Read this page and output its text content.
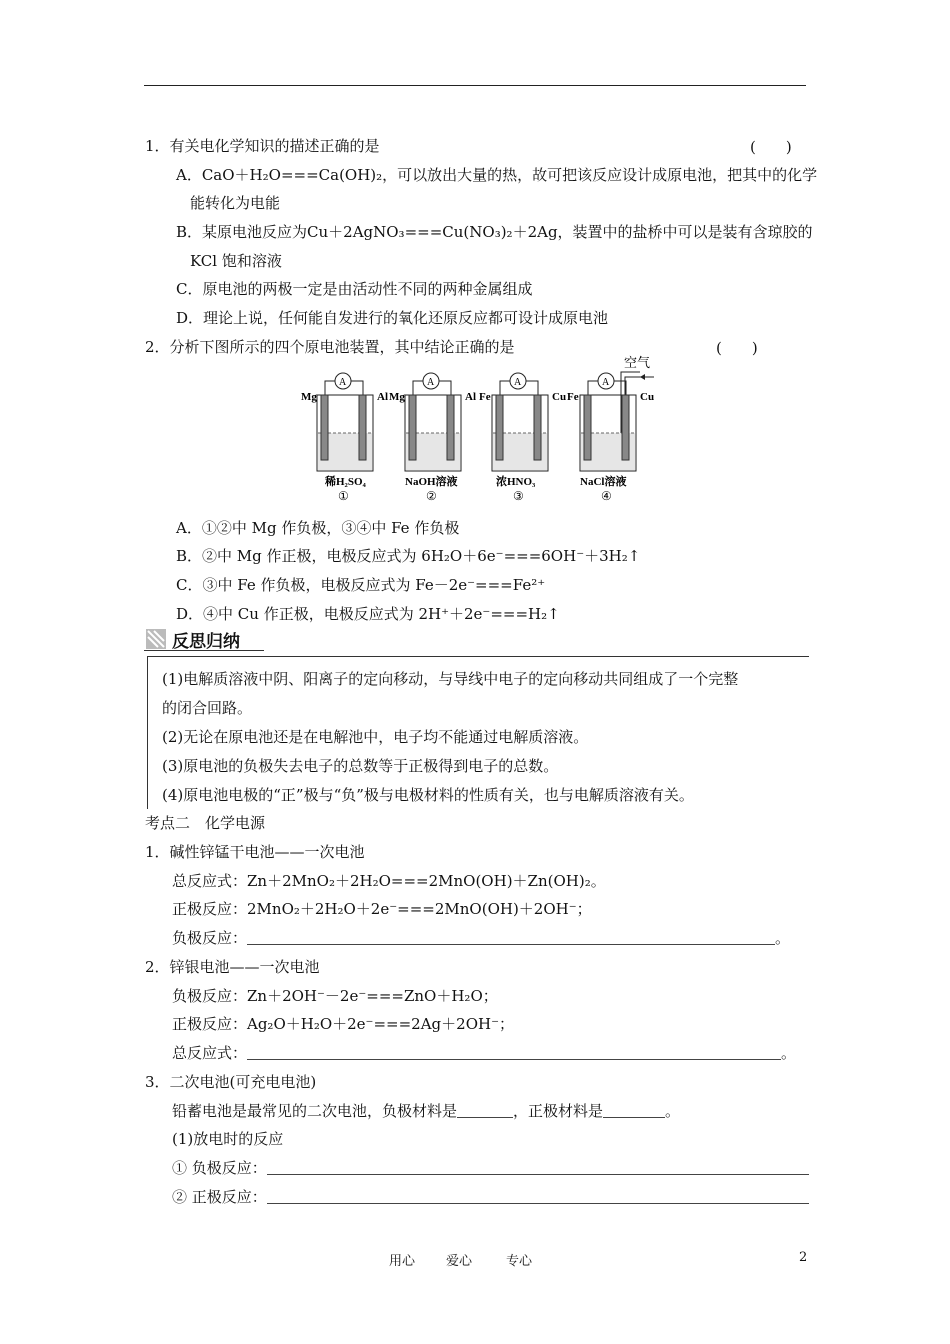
1．有关电化学知识的描述正确的是	(　　)
A．CaO＋H₂O===Ca(OH)₂，可以放出大量的热，故可把该反应设计成原电池，把其中的化学
能转化为电能
B．某原电池反应为Cu＋2AgNO₃===Cu(NO₃)₂＋2Ag，装置中的盐桥中可以是装有含琼胶的
KCl 饱和溶液
C．原电池的两极一定是由活动性不同的两种金属组成
D．理论上说，任何能自发进行的氧化还原反应都可设计成原电池
2．分析下图所示的四个原电池装置，其中结论正确的是	(　　)
空气
A
Mg	Al
稀H₂SO₄
①
A
Mg	Al
NaOH溶液
②
A
Fe	Cu
浓HNO₃
③
A
Fe	Cu
NaCl溶液
④
A．①②中 Mg 作负极，③④中 Fe 作负极
B．②中 Mg 作正极，电极反应式为 6H₂O＋6e⁻===6OH⁻＋3H₂↑
C．③中 Fe 作负极，电极反应式为 Fe－2e⁻===Fe²⁺
D．④中 Cu 作正极，电极反应式为 2H⁺＋2e⁻===H₂↑
反思归纳
(1)电解质溶液中阴、阳离子的定向移动，与导线中电子的定向移动共同组成了一个完整
的闭合回路。
(2)无论在原电池还是在电解池中，电子均不能通过电解质溶液。
(3)原电池的负极失去电子的总数等于正极得到电子的总数。
(4)原电池电极的“正”极与“负”极与电极材料的性质有关，也与电解质溶液有关。
考点二　化学电源
1．碱性锌锰干电池——一次电池
总反应式：Zn＋2MnO₂＋2H₂O===2MnO(OH)＋Zn(OH)₂。
正极反应：2MnO₂＋2H₂O＋2e⁻===2MnO(OH)＋2OH⁻；
负极反应：	。
2．锌银电池——一次电池
负极反应：Zn＋2OH⁻－2e⁻===ZnO＋H₂O；
正极反应：Ag₂O＋H₂O＋2e⁻===2Ag＋2OH⁻；
总反应式：	。
3．二次电池(可充电电池)
铅蓄电池是最常见的二次电池，负极材料是	，正极材料是	。
(1)放电时的反应
① 负极反应：
② 正极反应：
用心 爱心	专心	2
